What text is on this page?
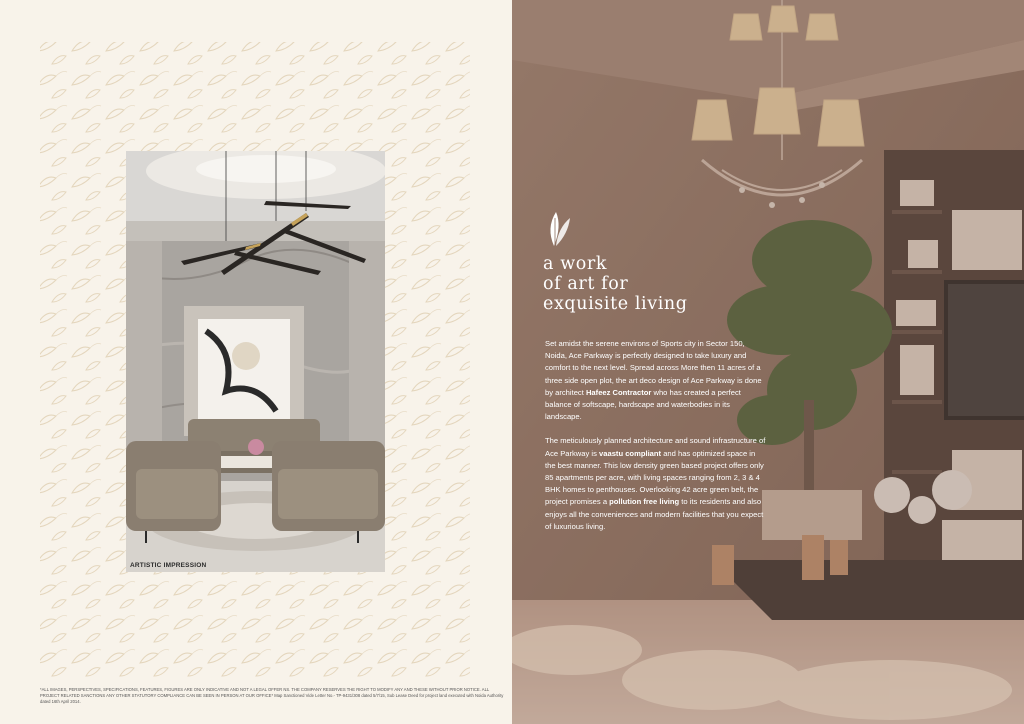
ARTISTIC IMPRESSION
*ALL IMAGES, PERSPECTIVES, SPECIFICATIONS, FEATURES, FIGURES ARE ONLY INDICATIVE AND NOT A LEGAL OFFER NS. THE COMPANY RESERVES THE RIGHT TO MODIFY ANY AND THESE WITHOUT PRIOR NOTICE. ALL PROJECT RELATED SANCTIONS ANY OTHER STATUTORY COMPLIANCE CAN BE SEEN IN PERSON AT OUR OFFICE* Map Sanctioned Vide Letter No.- TP-9431/308 dated 5/7/15, Sub Lease Deed for project land executed with Noida Authority dated 16th April 2014.
a work
of art for
exquisite living

Set amidst the serene environs of Sports city in Sector 150, Noida, Ace Parkway is perfectly designed to take luxury and comfort to the next level. Spread across More then 11 acres of a three side open plot, the art deco design of Ace Parkway is done by architect Hafeez Contractor who has created a perfect balance of softscape, hardscape and waterbodies in its landscape.

The meticulously planned architecture and sound infrastructure of Ace Parkway is vaastu compliant and has optimized space in the best manner. This low density green based project offers only 85 apartments per acre, with living spaces ranging from 2, 3 & 4 BHK homes to penthouses. Overlooking 42 acre green belt, the project promises a pollution free living to its residents and also enjoys all the conveniences and modern facilities that you expect of luxurious living.
